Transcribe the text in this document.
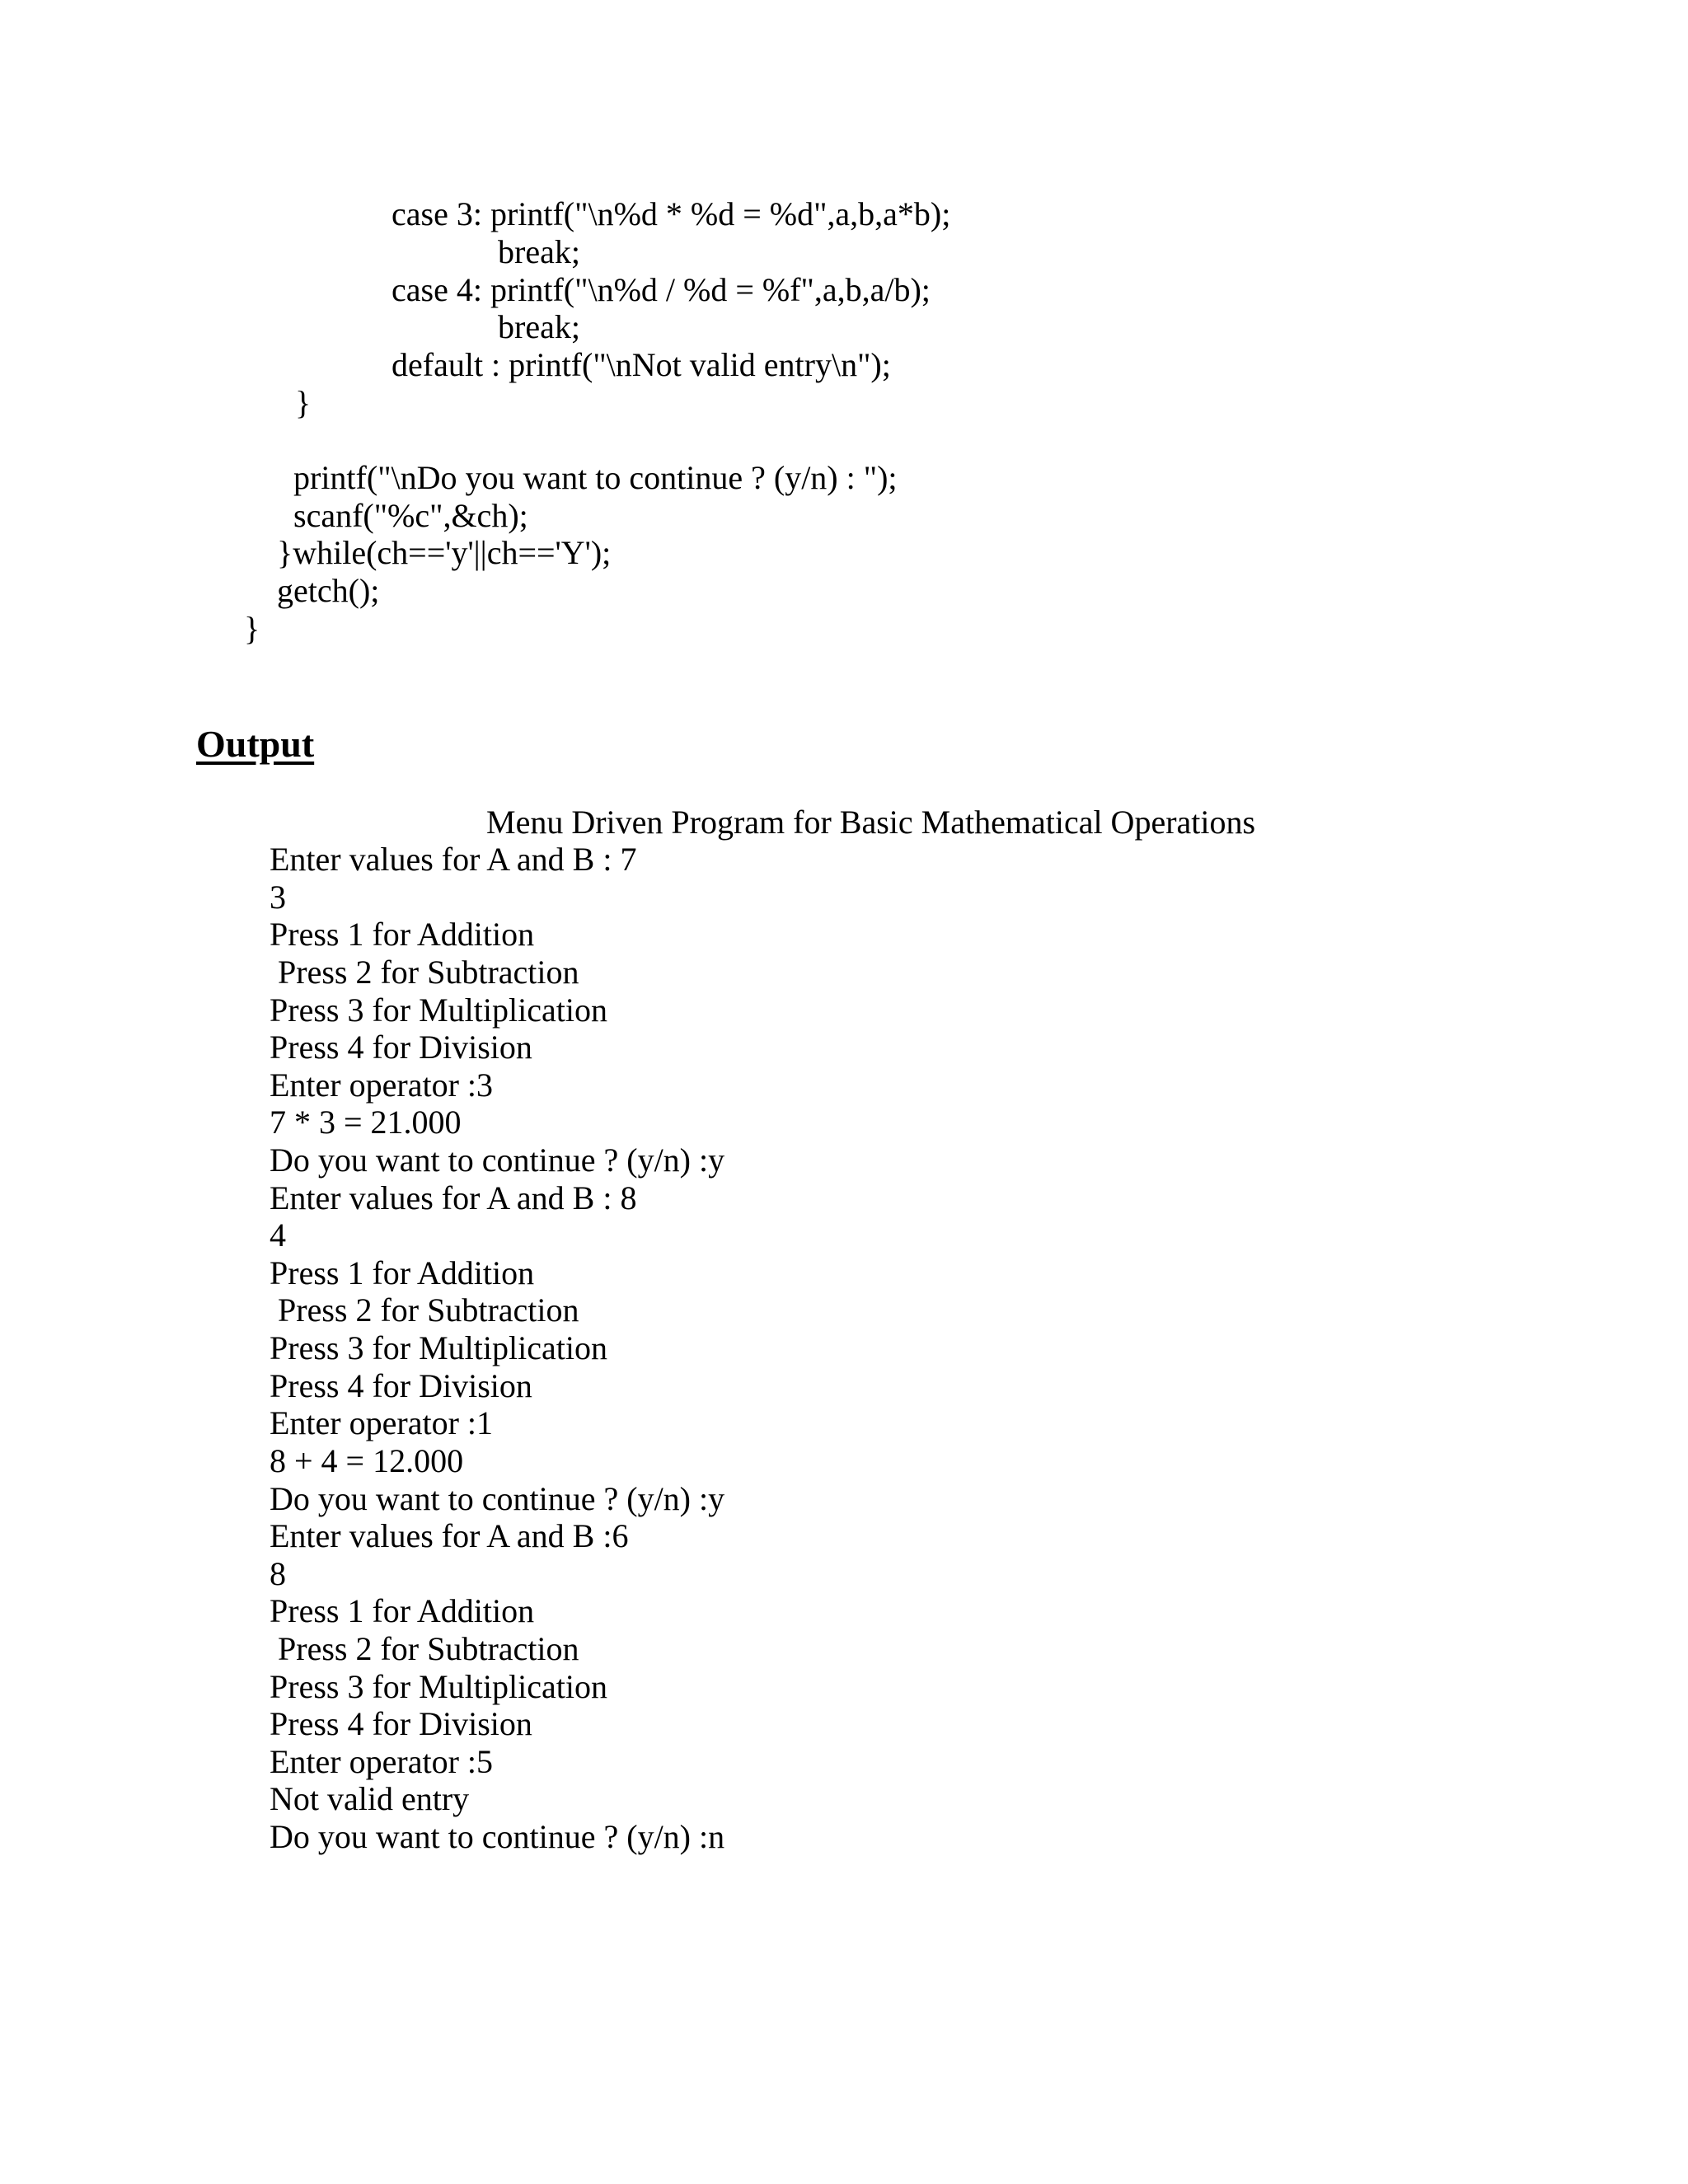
case 3: printf("\n%d * %d = %d",a,b,a*b);
break;
case 4: printf("\n%d / %d = %f",a,b,a/b);
break;
default : printf("\nNot valid entry\n");
}
printf("\nDo you want to continue ? (y/n) : ");
scanf("%c",&ch);
}while(ch=='y'||ch=='Y');
getch();
}
Output
Menu Driven Program for Basic Mathematical Operations
Enter values for A and B : 7
3
Press 1 for Addition
Press 2 for Subtraction
Press 3 for Multiplication
Press 4 for Division
Enter operator :3
7 * 3 = 21.000
Do you want to continue ? (y/n) :y
Enter values for A and B : 8
4
Press 1 for Addition
Press 2 for Subtraction
Press 3 for Multiplication
Press 4 for Division
Enter operator :1
8 + 4 = 12.000
Do you want to continue ? (y/n) :y
Enter values for A and B :6
8
Press 1 for Addition
Press 2 for Subtraction
Press 3 for Multiplication
Press 4 for Division
Enter operator :5
Not valid entry
Do you want to continue ? (y/n) :n
